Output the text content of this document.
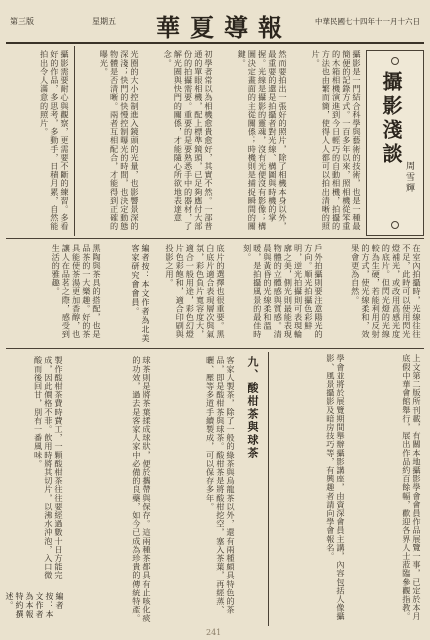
第三版	星期五 華夏導報	中華民國七十四年十一月十六日
攝影淺談
周雪輝
攝影是一門結合科學與藝術的技術，也是一種最簡便的記錄方式。一百多年以來，照相機從笨重的木箱相機演進到今日輕巧的自動相機，拍攝的方法也由繁而簡，使得人人都可以拍出清晰的照片。
然而要拍出一張好的照片，除了相機本身以外，最重要的還是拍攝者對光線、構圖與時機的掌握。光線是攝影的靈魂，沒有光便沒有影像；構圖決定畫面的主從關係；時機則是捕捉瞬間的關鍵。
初學者常以為相機愈貴愈好，其實不然。一部普通的單眼相機，配上標準鏡頭，已足夠應付大部份的拍攝需要。重要的是要熟悉手中的器材，了解光圈與快門的關係，才能隨心所欲地表達意念。
光圈的大小控制進入鏡頭的光量，也影響景深的深淺；快門的快慢控制曝光的時間，也決定動態物體是否清晰。兩者互相配合，才能得到正確的曝光。
攝影需要耐心與觀察，更需要不斷的練習。多看好的作品，多思考，多動手，日積月累，自然能拍出令人滿意的照片。
在室內拍攝時，光線往往不足，此時可以使用閃光燈補光，或改用高感光度的底片。但閃光燈的光線較為生硬，若能利用反射的方式，使光線柔和，效果會更為自然。
戶外拍攝則要注意陽光的方向。順光拍攝色彩鮮明，逆光拍攝則可表現輪廓之美，側光則最能表現物體的立體感與質感。清晨與黃昏的光線柔和溫暖，是拍攝風景的最佳時刻。
底片的選擇也很重要。黑白底片適合表現層次與氣氛，彩色負片寬容度大，適合一般用途，彩色幻燈片色彩飽和，適合印刷與投影之用。
編者按：本文作者為北美客家研究會會員。
黑陶與茶具的搭配，也是品茶的一大樂趣。好的茶具能使茶湯更加香醇，也讓人在品茗之際，感受到生活的雅趣。
上文第二版所刊載，有關本地攝影學會會員作品展覽一事，已定於本月底假中華會館舉行，展出作品約百餘幅，歡迎各界人士蒞臨參觀指教。
學會並將於展覽期間舉辦攝影講座，由資深會員主講，內容包括人像攝影、風景攝影及暗房技巧等，有興趣者請向學會報名。
九、酸柑茶與球茶
客家人製茶，除了一般的綠茶與烏龍茶以外，還有兩種頗具特色的茶品，即是酸柑茶與球茶。酸柑茶是將酸柑挖空，塞入茶葉，再經蒸、曬、壓等多道手續製成，可以保存多年。
球茶則是將茶葉揉成球狀，便於攜帶與保存。這兩種茶都具有止咳化痰的功效，過去是客家人家中必備的良藥，如今已成為珍貴的傳統特產。
製作酸柑茶費時費工，一顆酸柑茶往往要經過數十日方能完成，因此價格不菲。飲用時將其切片，以沸水沖泡，入口微酸而後回甘，別有一番風味。
編者按：本文作者為本報特約撰述。
241
